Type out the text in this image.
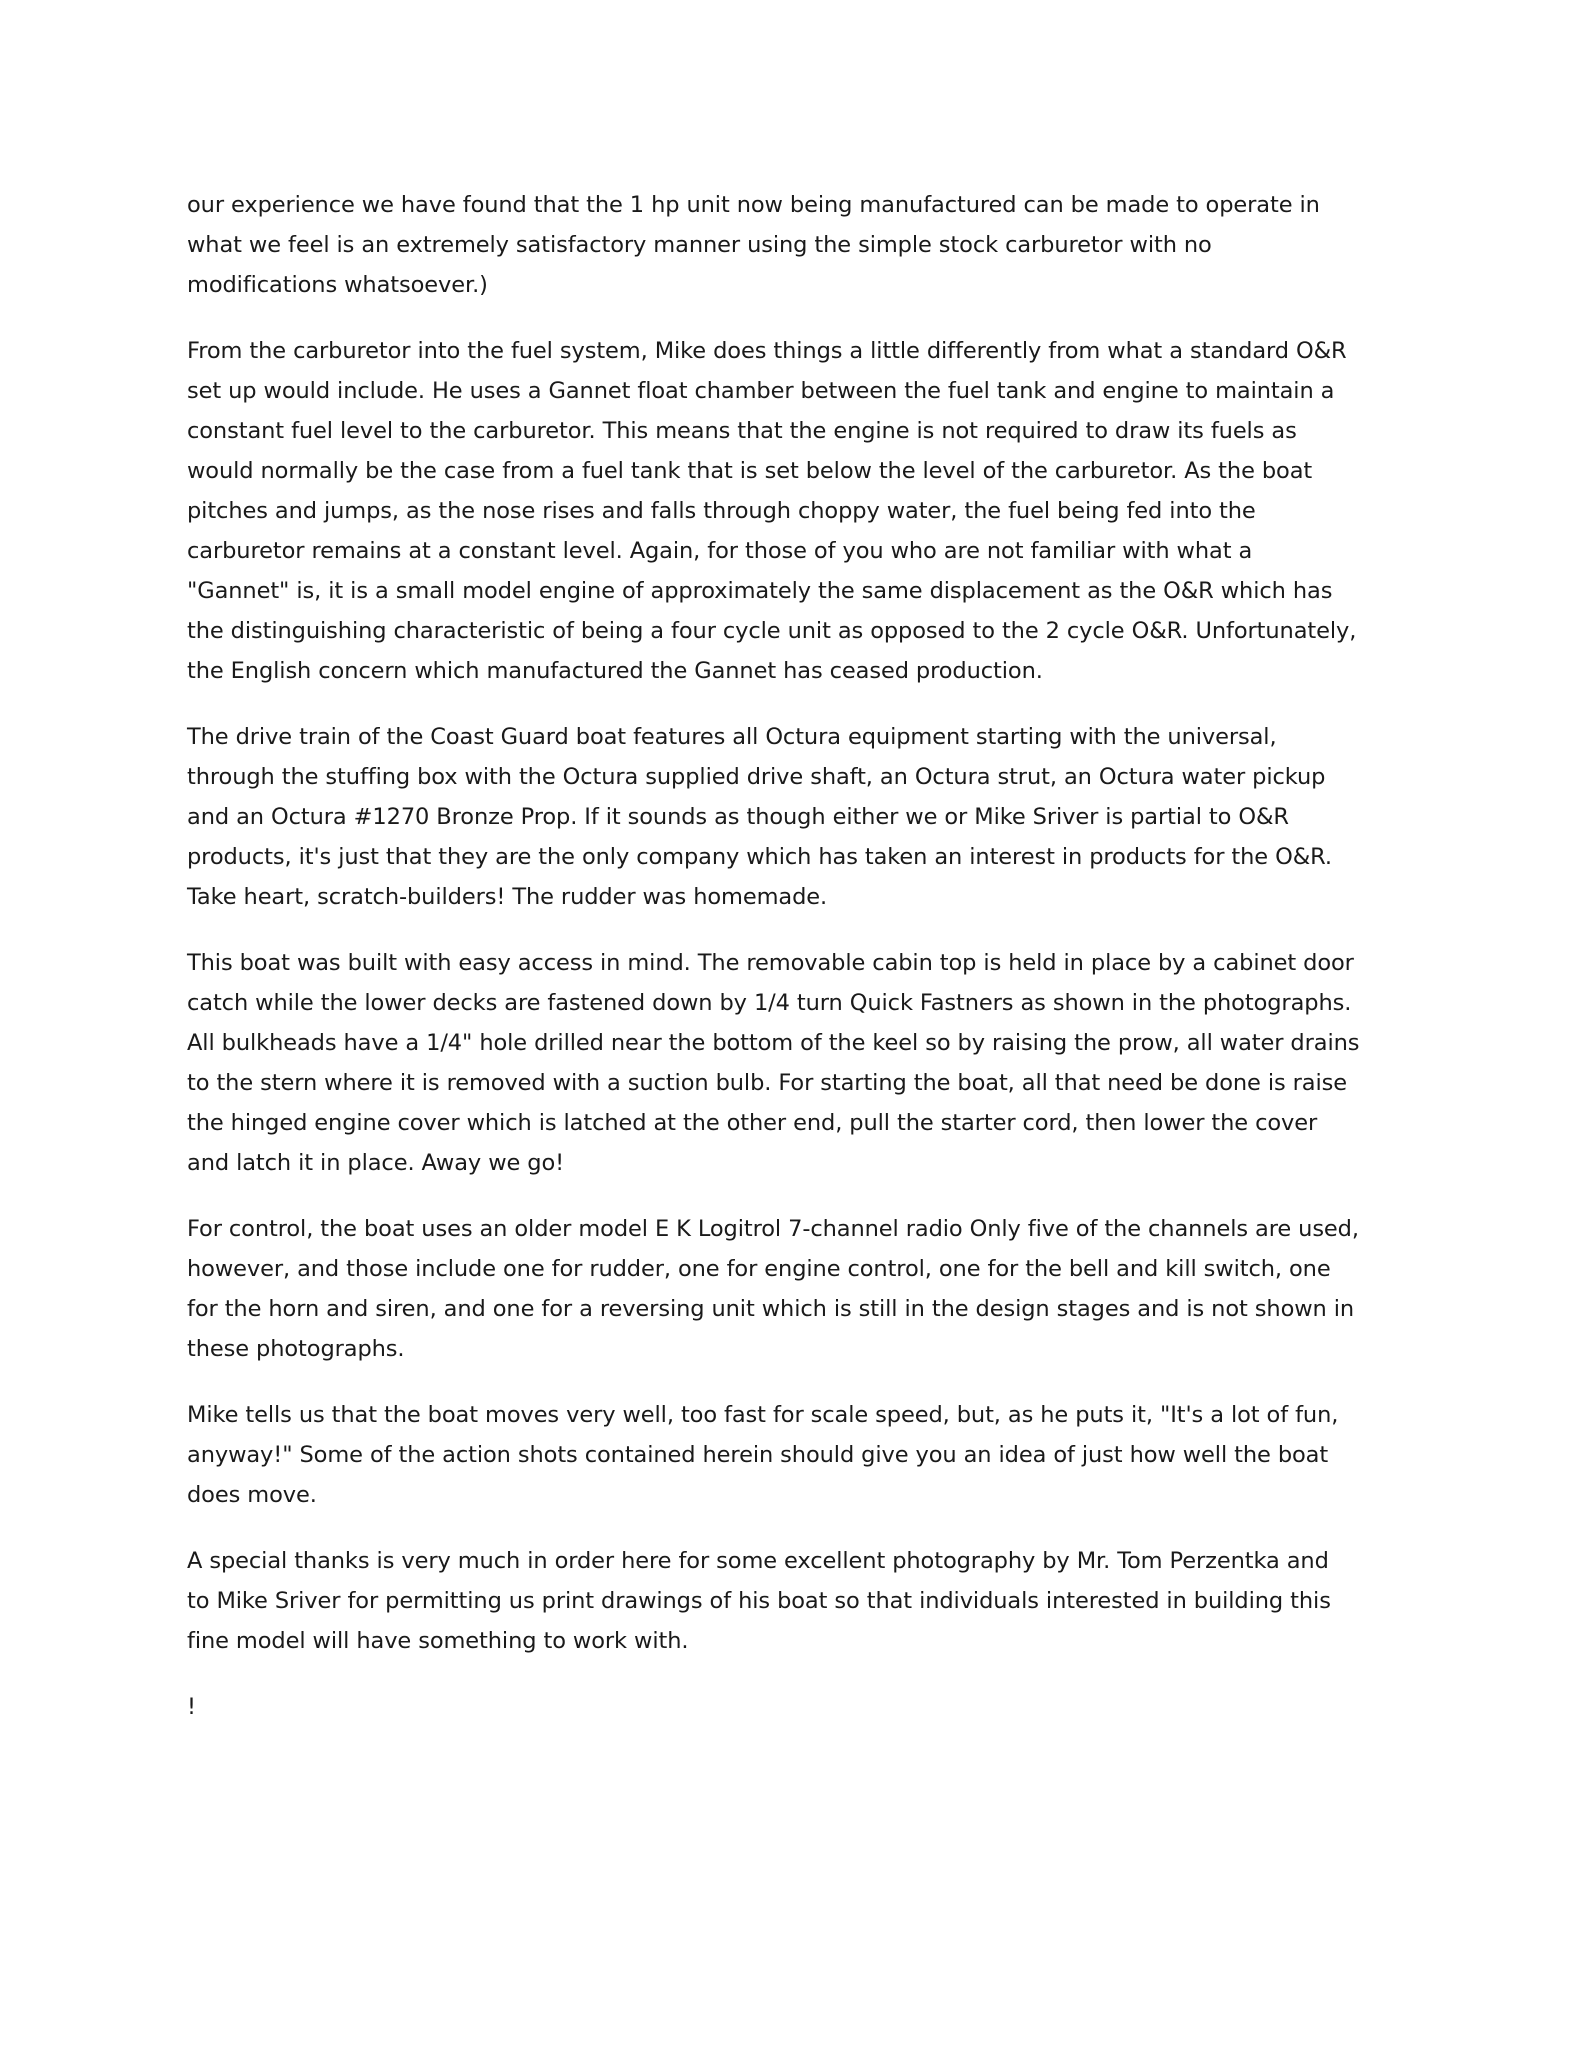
our experience we have found that the 1 hp unit now being manufactured can be made to operate in
what we feel is an extremely satisfactory manner using the simple stock carburetor with no
modifications whatsoever.)

From the carburetor into the fuel system, Mike does things a little differently from what a standard O&R
set up would include. He uses a Gannet float chamber between the fuel tank and engine to maintain a
constant fuel level to the carburetor. This means that the engine is not required to draw its fuels as
would normally be the case from a fuel tank that is set below the level of the carburetor. As the boat
pitches and jumps, as the nose rises and falls through choppy water, the fuel being fed into the
carburetor remains at a constant level. Again, for those of you who are not familiar with what a
"Gannet" is, it is a small model engine of approximately the same displacement as the O&R which has
the distinguishing characteristic of being a four cycle unit as opposed to the 2 cycle O&R. Unfortunately,
the English concern which manufactured the Gannet has ceased production.

The drive train of the Coast Guard boat features all Octura equipment starting with the universal,
through the stuffing box with the Octura supplied drive shaft, an Octura strut, an Octura water pickup
and an Octura #1270 Bronze Prop. If it sounds as though either we or Mike Sriver is partial to O&R
products, it's just that they are the only company which has taken an interest in products for the O&R.
Take heart, scratch-builders! The rudder was homemade.

This boat was built with easy access in mind. The removable cabin top is held in place by a cabinet door
catch while the lower decks are fastened down by 1/4 turn Quick Fastners as shown in the photographs.
All bulkheads have a 1/4" hole drilled near the bottom of the keel so by raising the prow, all water drains
to the stern where it is removed with a suction bulb. For starting the boat, all that need be done is raise
the hinged engine cover which is latched at the other end, pull the starter cord, then lower the cover
and latch it in place. Away we go!

For control, the boat uses an older model E K Logitrol 7-channel radio Only five of the channels are used,
however, and those include one for rudder, one for engine control, one for the bell and kill switch, one
for the horn and siren, and one for a reversing unit which is still in the design stages and is not shown in
these photographs.

Mike tells us that the boat moves very well, too fast for scale speed, but, as he puts it, "It's a lot of fun,
anyway!" Some of the action shots contained herein should give you an idea of just how well the boat
does move.

A special thanks is very much in order here for some excellent photography by Mr. Tom Perzentka and
to Mike Sriver for permitting us print drawings of his boat so that individuals interested in building this
fine model will have something to work with.

!
